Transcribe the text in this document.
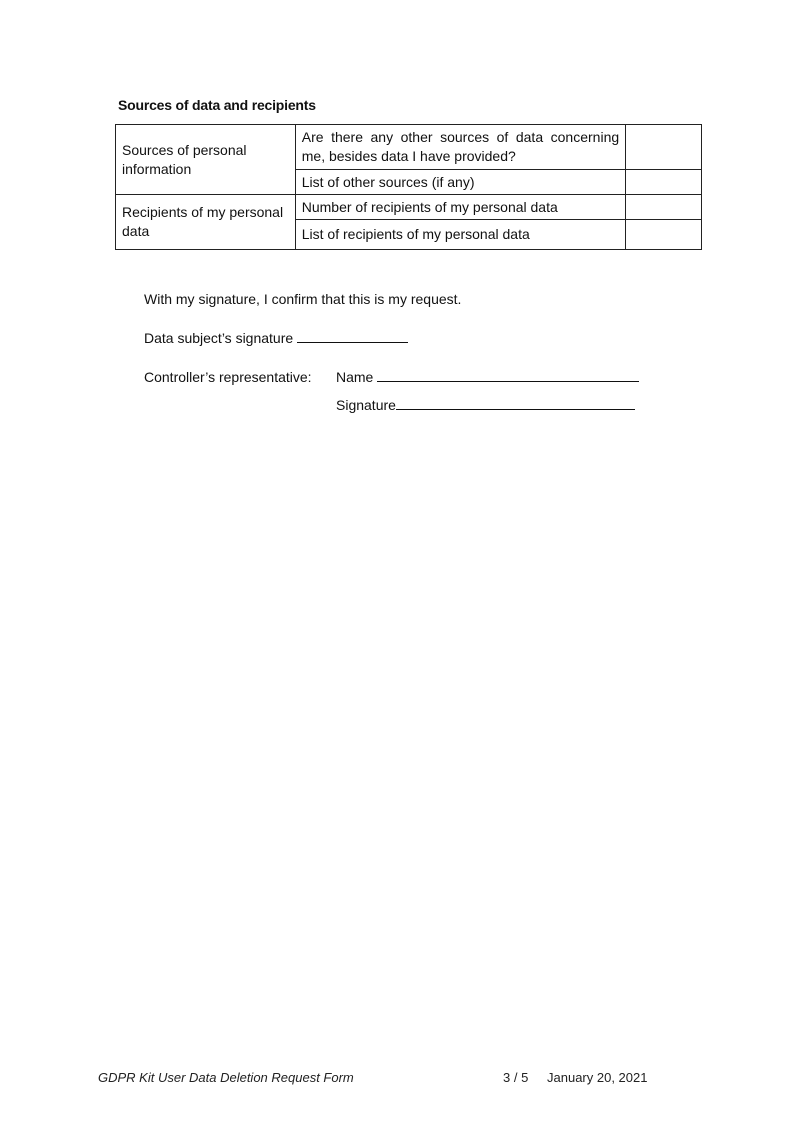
Sources of data and recipients
Sources of personal information	Are there any other sources of data concerning me, besides data I have provided?	
	List of other sources (if any)	
Recipients of my personal data	Number of recipients of my personal data	
	List of recipients of my personal data	
With my signature, I confirm that this is my request.
Data subject’s signature
Controller’s representative: Name
Signature
GDPR Kit User Data Deletion Request Form	3 / 5 January 20, 2021
